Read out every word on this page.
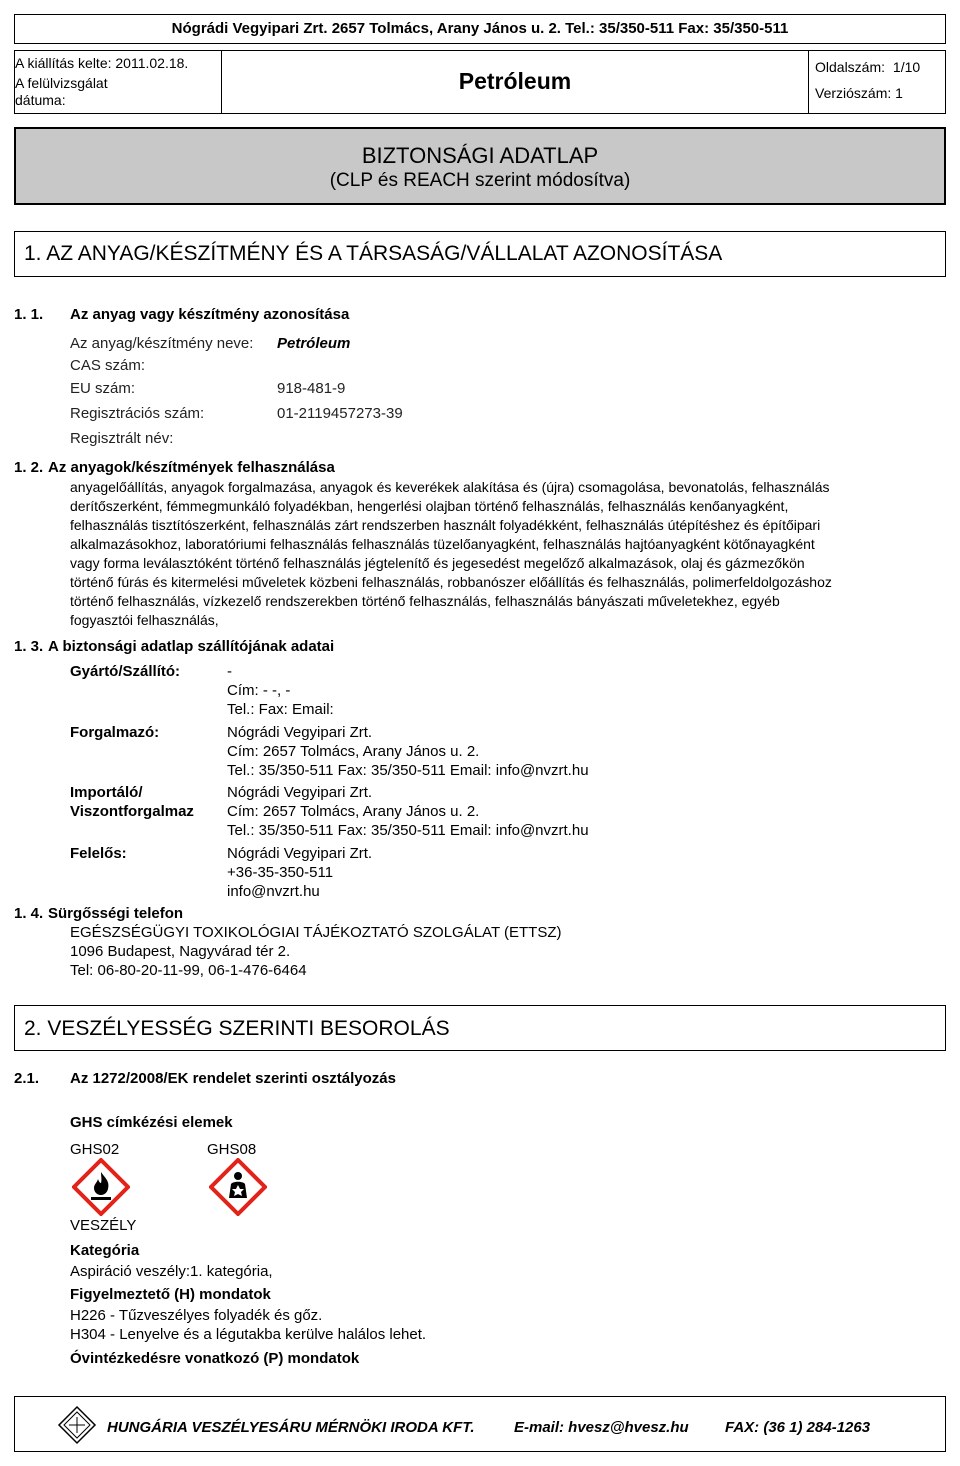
Nógrádi Vegyipari Zrt. 2657 Tolmács, Arany János u. 2. Tel.: 35/350-511 Fax: 35/350-511
A kiállítás kelte: 2011.02.18.
A felülvizsgálat
dátuma:
Petróleum
Oldalszám: 1/10
Verziószám: 1
BIZTONSÁGI ADATLAP
(CLP és REACH szerint módosítva)
1. AZ ANYAG/KÉSZÍTMÉNY ÉS A TÁRSASÁG/VÁLLALAT AZONOSÍTÁSA
1. 1. Az anyag vagy készítmény azonosítása
Az anyag/készítmény neve: Petróleum
CAS szám:
EU szám:	918-481-9
Regisztrációs szám:	01-2119457273-39
Regisztrált név:
1. 2. Az anyagok/készítmények felhasználása
anyagelőállítás, anyagok forgalmazása, anyagok és keverékek alakítása és (újra) csomagolása, bevonatolás, felhasználás
derítőszerként, fémmegmunkáló folyadékban, hengerlési olajban történő felhasználás, felhasználás kenőanyagként,
felhasználás tisztítószerként, felhasználás zárt rendszerben használt folyadékként, felhasználás útépítéshez és építőipari
alkalmazásokhoz, laboratóriumi felhasználás felhasználás tüzelőanyagként, felhasználás hajtóanyagként kötőnayagként
vagy forma leválasztóként történő felhasználás jégtelenítő és jegesedést megelőző alkalmazások, olaj és gázmezőkön
történő fúrás és kitermelési műveletek közbeni felhasználás, robbanószer előállítás és felhasználás, polimerfeldolgozáshoz
történő felhasználás, vízkezelő rendszerekben történő felhasználás, felhasználás bányászati műveletekhez, egyéb
fogyasztói felhasználás,
1. 3. A biztonsági adatlap szállítójának adatai
Gyártó/Szállító:	-
Cím: - -, -
Tel.: Fax: Email:
Forgalmazó:	Nógrádi Vegyipari Zrt.
Cím: 2657 Tolmács, Arany János u. 2.
Tel.: 35/350-511 Fax: 35/350-511 Email: info@nvzrt.hu
Importáló/
Viszontforgalmaz
Nógrádi Vegyipari Zrt.
Cím: 2657 Tolmács, Arany János u. 2.
Tel.: 35/350-511 Fax: 35/350-511 Email: info@nvzrt.hu
Felelős:	Nógrádi Vegyipari Zrt.
+36-35-350-511
info@nvzrt.hu
1. 4. Sürgősségi telefon
EGÉSZSÉGÜGYI TOXIKOLÓGIAI TÁJÉKOZTATÓ SZOLGÁLAT (ETTSZ)
1096 Budapest, Nagyvárad tér 2.
Tel: 06-80-20-11-99, 06-1-476-6464
2. VESZÉLYESSÉG SZERINTI BESOROLÁS
2.1. Az 1272/2008/EK rendelet szerinti osztályozás
GHS címkézési elemek
GHS02	GHS08
VESZÉLY
Kategória
Aspiráció veszély:1. kategória,
Figyelmeztető (H) mondatok
H226 - Tűzveszélyes folyadék és gőz.
H304 - Lenyelve és a légutakba kerülve halálos lehet.
Óvintézkedésre vonatkozó (P) mondatok
HUNGÁRIA VESZÉLYESÁRU MÉRNÖKI IRODA KFT.	E-mail: hvesz@hvesz.hu FAX: (36 1) 284-1263
